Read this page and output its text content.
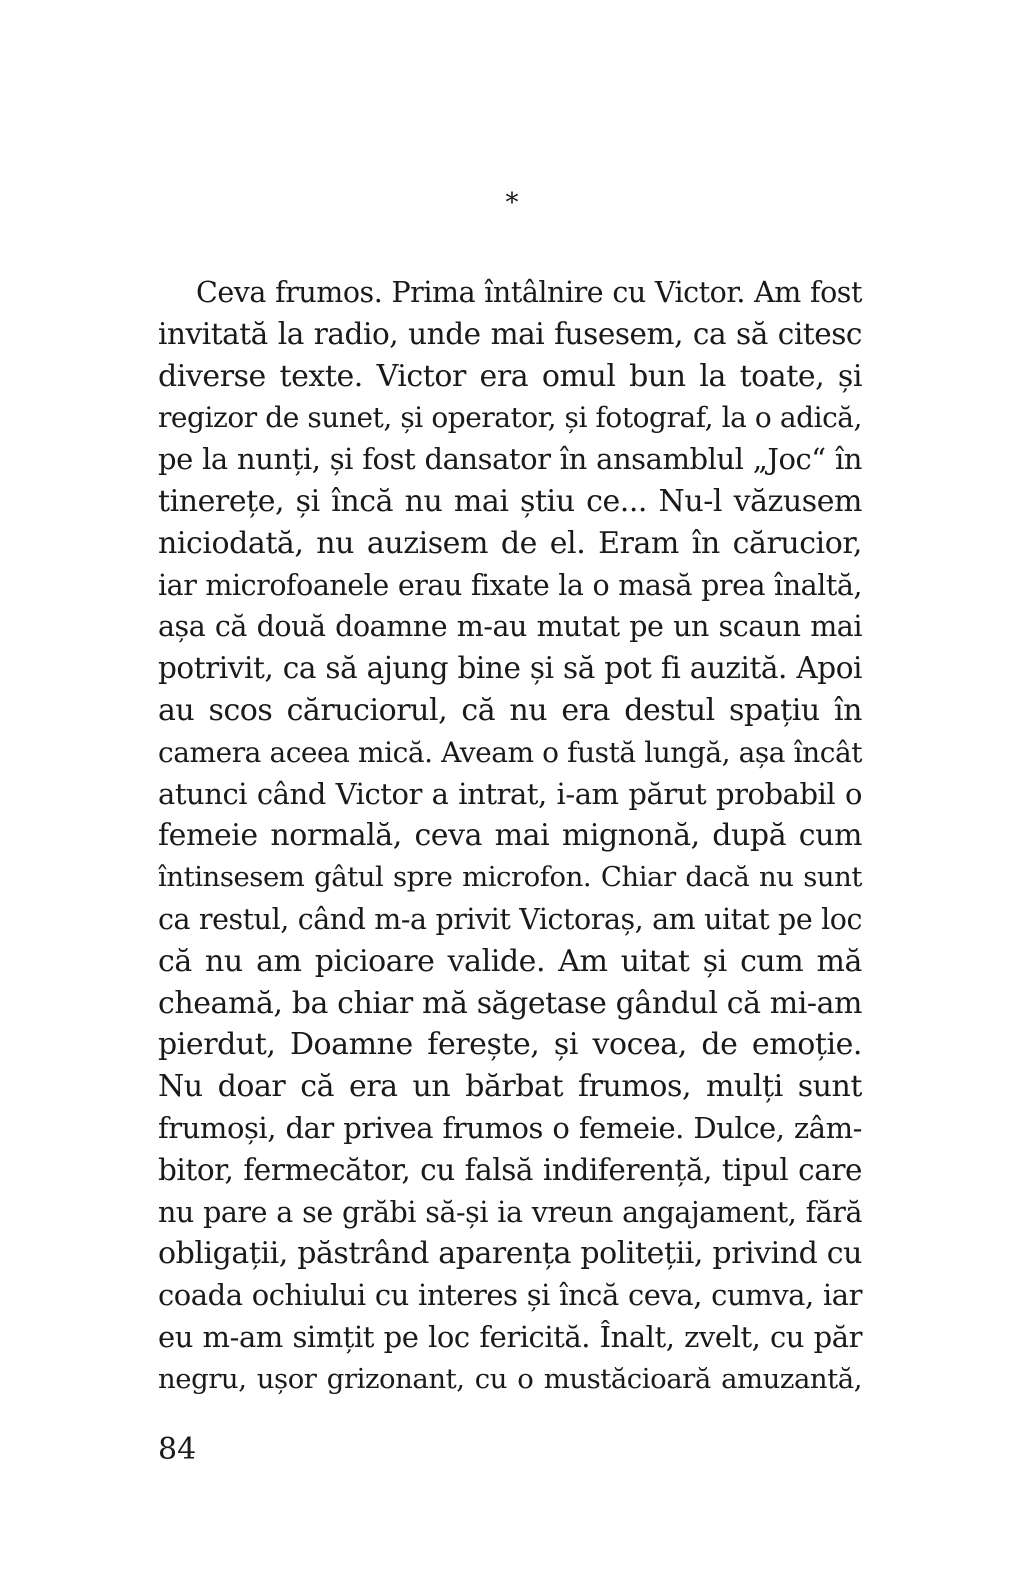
*
Ceva frumos. Prima întâlnire cu Victor. Am fost
invitată la radio, unde mai fusesem, ca să citesc
diverse texte. Victor era omul bun la toate, și
regizor de sunet, și operator, și fotograf, la o adică,
pe la nunți, și fost dansator în ansamblul „Joc“ în
tinerețe, și încă nu mai știu ce... Nu-l văzusem
niciodată, nu auzisem de el. Eram în cărucior,
iar microfoanele erau fixate la o masă prea înaltă,
așa că două doamne m-au mutat pe un scaun mai
potrivit, ca să ajung bine și să pot fi auzită. Apoi
au scos căruciorul, că nu era destul spațiu în
camera aceea mică. Aveam o fustă lungă, așa încât
atunci când Victor a intrat, i-am părut probabil o
femeie normală, ceva mai mignonă, după cum
întinsesem gâtul spre microfon. Chiar dacă nu sunt
ca restul, când m-a privit Victoraș, am uitat pe loc
că nu am picioare valide. Am uitat și cum mă
cheamă, ba chiar mă săgetase gândul că mi-am
pierdut, Doamne ferește, și vocea, de emoție.
Nu doar că era un bărbat frumos, mulți sunt
frumoși, dar privea frumos o femeie. Dulce, zâm-
bitor, fermecător, cu falsă indiferență, tipul care
nu pare a se grăbi să-și ia vreun angajament, fără
obligații, păstrând aparența politeții, privind cu
coada ochiului cu interes și încă ceva, cumva, iar
eu m-am simțit pe loc fericită. Înalt, zvelt, cu păr
negru, ușor grizonant, cu o mustăcioară amuzantă,
84
